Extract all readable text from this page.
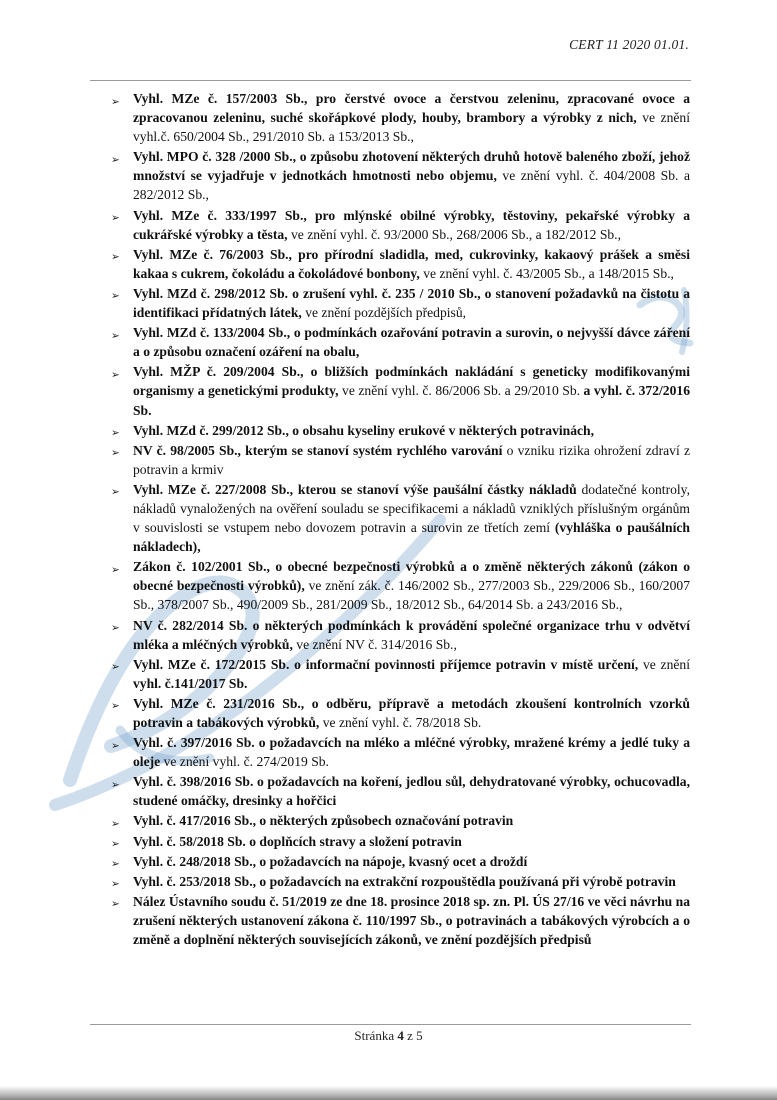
CERT 11 2020 01.01.
➢ Vyhl. MZe č. 157/2003 Sb., pro čerstvé ovoce a čerstvou zeleninu, zpracované ovoce a zpracovanou zeleninu, suché skořápkové plody, houby, brambory a výrobky z nich, ve znění vyhl.č. 650/2004 Sb., 291/2010 Sb. a 153/2013 Sb.,
➢ Vyhl. MPO č. 328 /2000 Sb., o způsobu zhotovení některých druhů hotově baleného zboží, jehož množství se vyjadřuje v jednotkách hmotnosti nebo objemu, ve znění vyhl. č. 404/2008 Sb. a 282/2012 Sb.,
➢ Vyhl. MZe č. 333/1997 Sb., pro mlýnské obilné výrobky, těstoviny, pekařské výrobky a cukrářské výrobky a těsta, ve znění vyhl. č. 93/2000 Sb., 268/2006 Sb., a 182/2012 Sb.,
➢ Vyhl. MZe č. 76/2003 Sb., pro přírodní sladidla, med, cukrovinky, kakaový prášek a směsi kakaa s cukrem, čokoládu a čokoládové bonbony, ve znění vyhl. č. 43/2005 Sb., a 148/2015 Sb.,
➢ Vyhl. MZd č. 298/2012 Sb. o zrušení vyhl. č. 235 / 2010 Sb., o stanovení požadavků na čistotu a identifikaci přídatných látek, ve znění pozdějších předpisů,
➢ Vyhl. MZd č. 133/2004 Sb., o podmínkách ozařování potravin a surovin, o nejvyšší dávce záření a o způsobu označení ozáření na obalu,
➢ Vyhl. MŽP č. 209/2004 Sb., o bližších podmínkách nakládání s geneticky modifikovanými organismy a genetickými produkty, ve znění vyhl. č. 86/2006 Sb. a 29/2010 Sb. a vyhl. č. 372/2016 Sb.
➢ Vyhl. MZd č. 299/2012 Sb., o obsahu kyseliny erukové v některých potravinách,
➢ NV č. 98/2005 Sb., kterým se stanoví systém rychlého varování o vzniku rizika ohrožení zdraví z potravin a krmiv
➢ Vyhl. MZe č. 227/2008 Sb., kterou se stanoví výše paušální částky nákladů dodatečné kontroly, nákladů vynaložených na ověření souladu se specifikacemi a nákladů vzniklých příslušným orgánům v souvislosti se vstupem nebo dovozem potravin a surovin ze třetích zemí (vyhláška o paušálních nákladech),
➢ Zákon č. 102/2001 Sb., o obecné bezpečnosti výrobků a o změně některých zákonů (zákon o obecné bezpečnosti výrobků), ve znění zák. č. 146/2002 Sb., 277/2003 Sb., 229/2006 Sb., 160/2007 Sb., 378/2007 Sb., 490/2009 Sb., 281/2009 Sb., 18/2012 Sb., 64/2014 Sb. a 243/2016 Sb.,
➢ NV č. 282/2014 Sb. o některých podmínkách k provádění společné organizace trhu v odvětví mléka a mléčných výrobků, ve znění NV č. 314/2016 Sb.,
➢ Vyhl. MZe č. 172/2015 Sb. o informační povinnosti příjemce potravin v místě určení, ve znění vyhl. č.141/2017 Sb.
➢ Vyhl. MZe č. 231/2016 Sb., o odběru, přípravě a metodách zkoušení kontrolních vzorků potravin a tabákových výrobků, ve znění vyhl. č. 78/2018 Sb.
➢ Vyhl. č. 397/2016 Sb. o požadavcích na mléko a mléčné výrobky, mražené krémy a jedlé tuky a oleje ve znění vyhl. č. 274/2019 Sb.
➢ Vyhl. č. 398/2016 Sb. o požadavcích na koření, jedlou sůl, dehydratované výrobky, ochucovadla, studené omáčky, dresinky a hořčici
➢ Vyhl. č. 417/2016 Sb., o některých způsobech označování potravin
➢ Vyhl. č. 58/2018 Sb. o doplňcích stravy a složení potravin
➢ Vyhl. č. 248/2018 Sb., o požadavcích na nápoje, kvasný ocet a droždí
➢ Vyhl. č. 253/2018 Sb., o požadavcích na extrakční rozpouštědla používaná při výrobě potravin
➢ Nález Ústavního soudu č. 51/2019 ze dne 18. prosince 2018 sp. zn. Pl. ÚS 27/16 ve věci návrhu na zrušení některých ustanovení zákona č. 110/1997 Sb., o potravinách a tabákových výrobcích a o změně a doplnění některých souvisejících zákonů, ve znění pozdějších předpisů
Stránka 4 z 5
